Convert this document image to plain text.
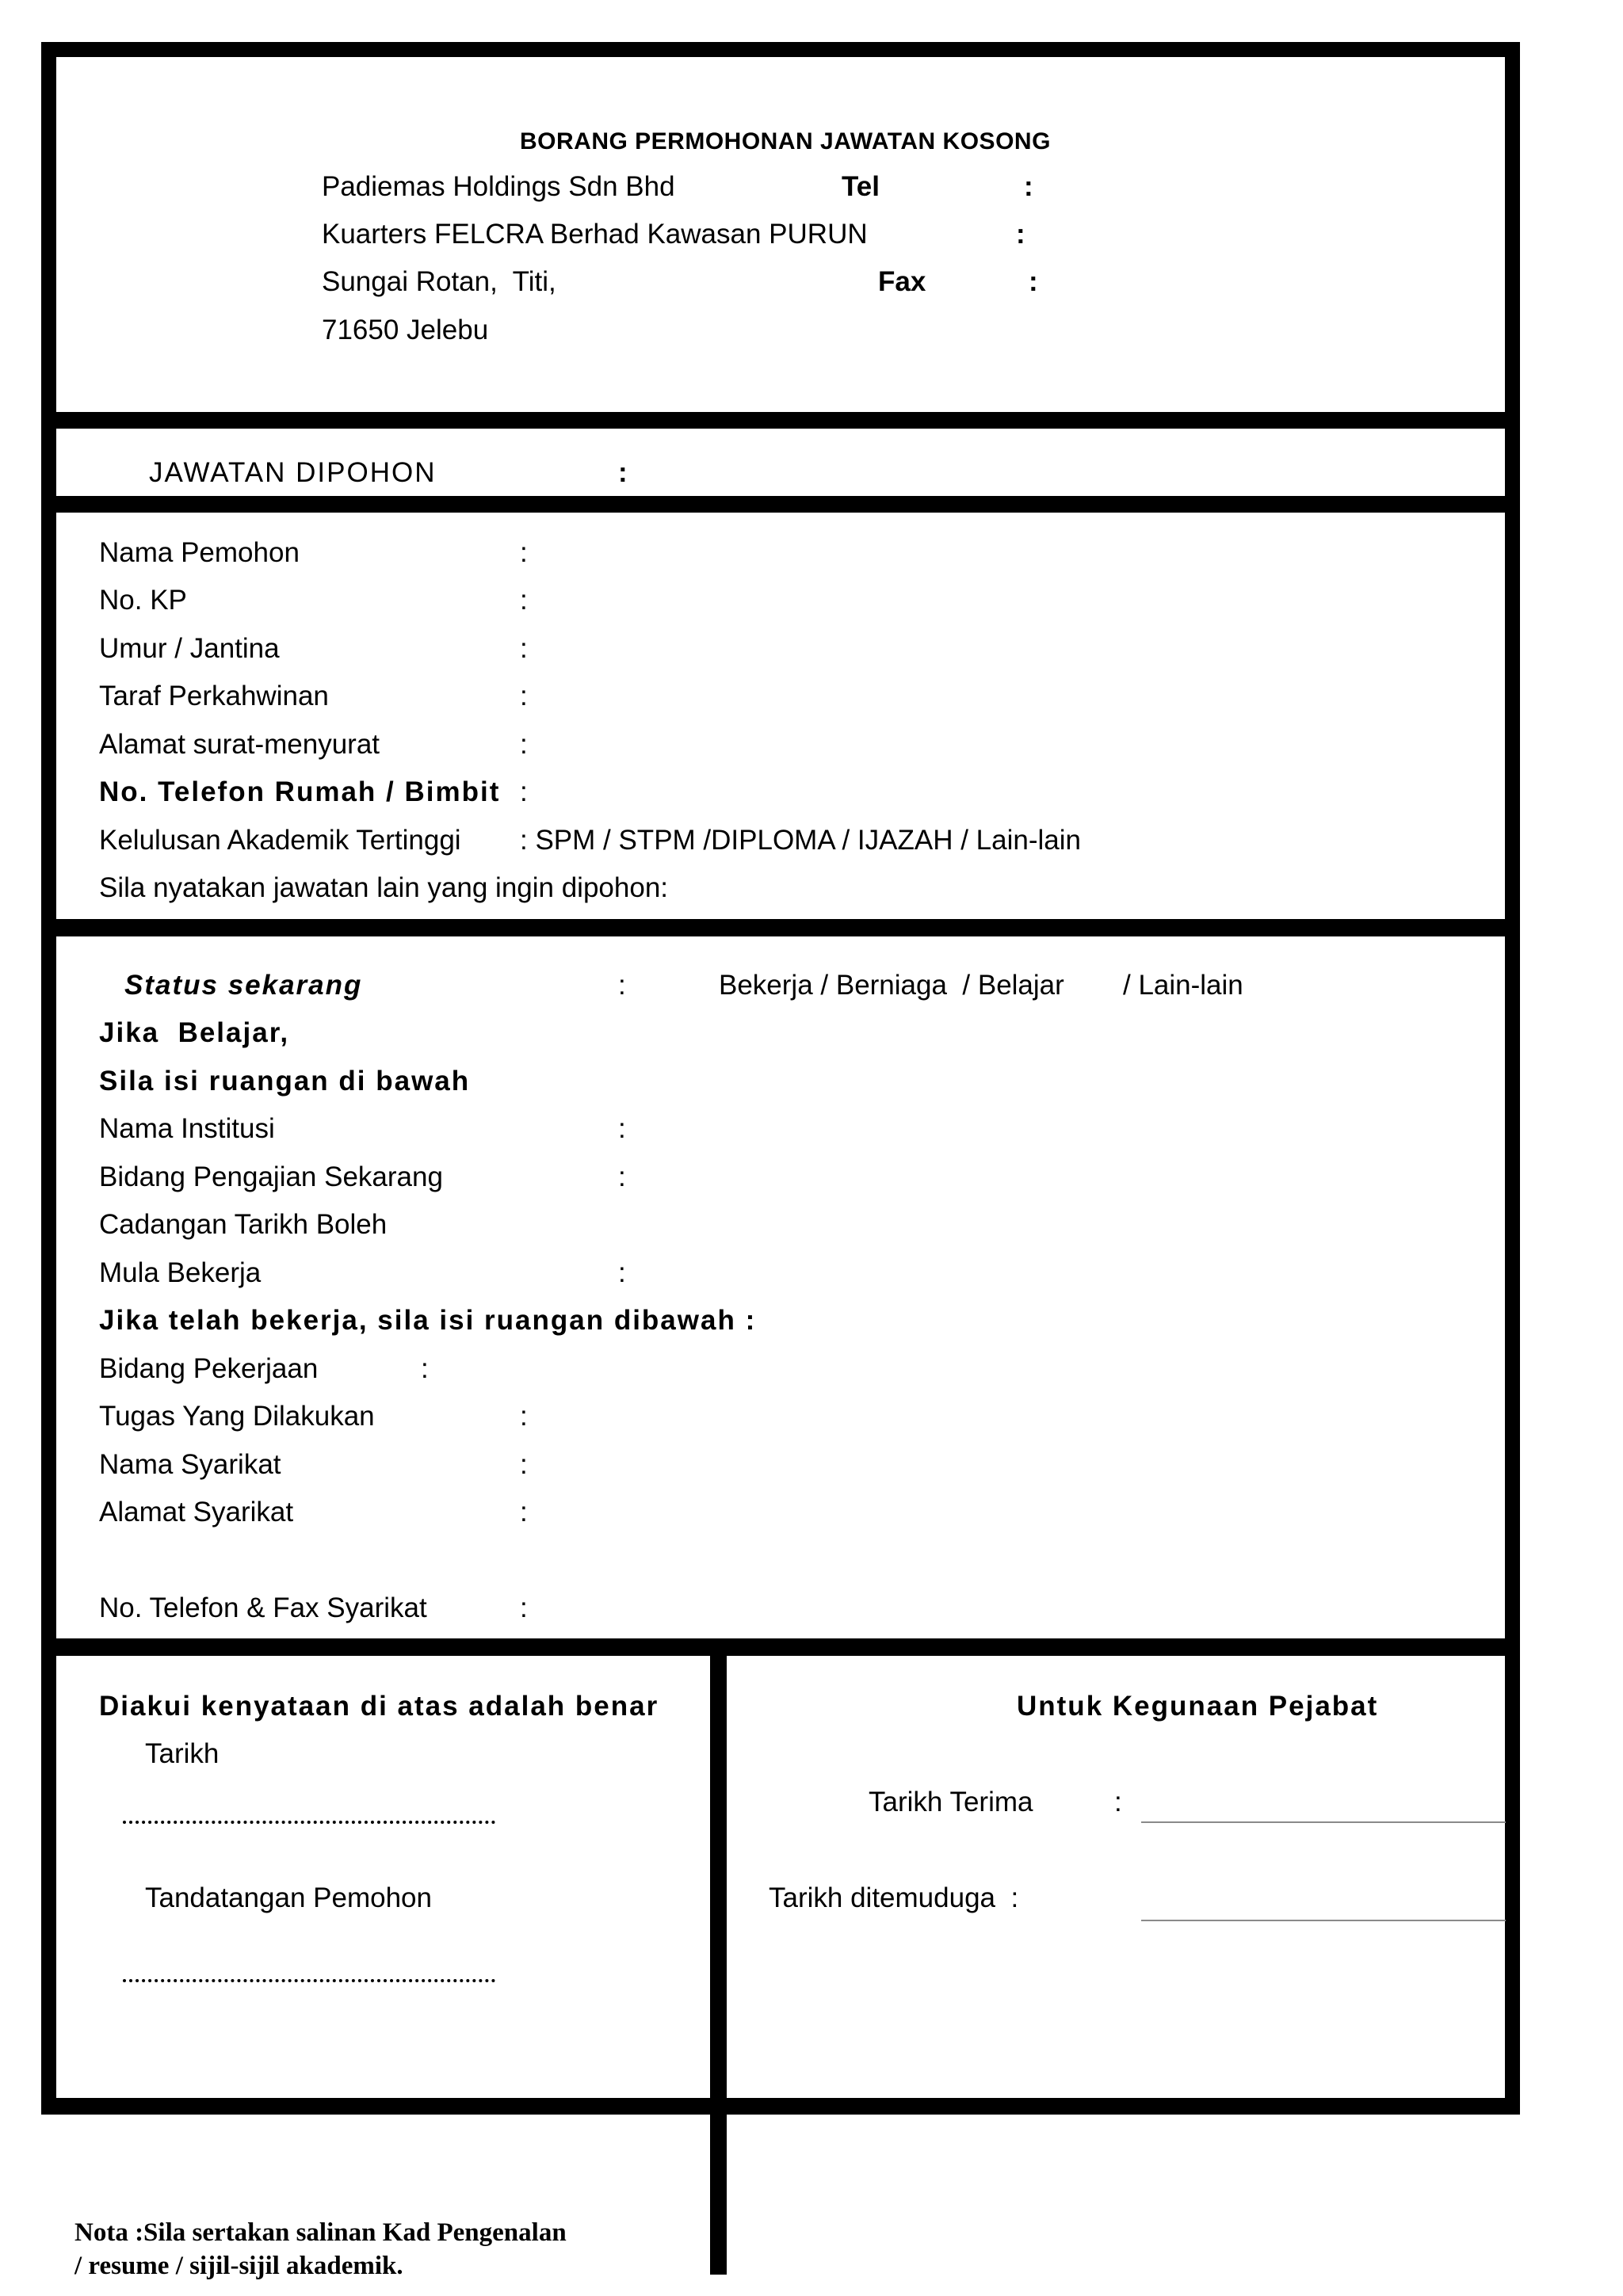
BORANG PERMOHONAN JAWATAN KOSONG
Padiemas Holdings Sdn Bhd	Tel	:
Kuarters FELCRA Berhad Kawasan PURUN	:
Sungai Rotan,  Titi,	Fax	:
71650 Jelebu
JAWATAN DIPOHON	:
Nama Pemohon	:
No. KP	:
Umur / Jantina	:
Taraf Perkahwinan	:
Alamat surat-menyurat	:
No. Telefon Rumah / Bimbit :
Kelulusan Akademik Tertinggi : SPM / STPM /DIPLOMA / IJAZAH / Lain-lain
Sila nyatakan jawatan lain yang ingin dipohon:
Status sekarang	:	Bekerja / Berniaga  / Belajar / Lain-lain
Jika  Belajar,
Sila isi ruangan di bawah
Nama Institusi	:
Bidang Pengajian Sekarang	:
Cadangan Tarikh Boleh
Mula Bekerja	:
Jika telah bekerja, sila isi ruangan dibawah :
Bidang Pekerjaan	:
Tugas Yang Dilakukan	:
Nama Syarikat	:
Alamat Syarikat	:
No. Telefon & Fax Syarikat	:
Diakui kenyataan di atas adalah benar
Tarikh
Tandatangan Pemohon
Untuk Kegunaan Pejabat
Tarikh Terima	:
Tarikh ditemuduga  :
Nota :Sila sertakan salinan Kad Pengenalan
/ resume / sijil-sijil akademik.
